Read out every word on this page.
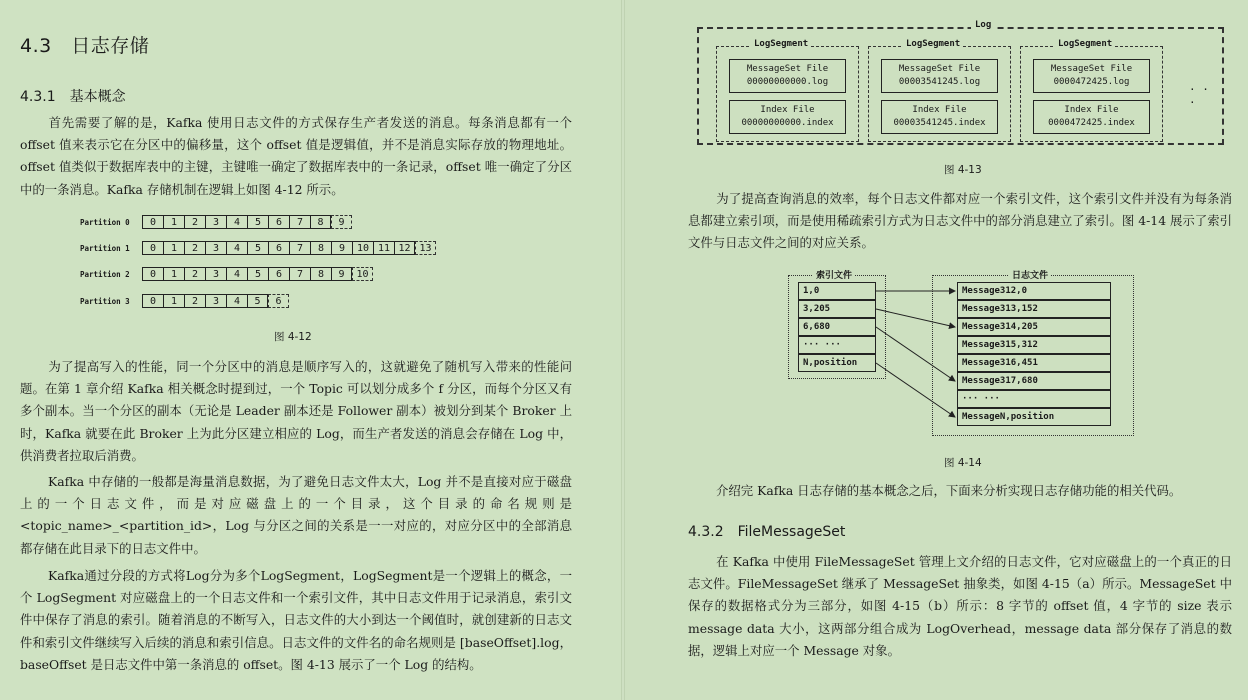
4.3　日志存储
4.3.1　基本概念

首先需要了解的是，Kafka 使用日志文件的方式保存生产者发送的消息。每条消息都有一个 offset 值来表示它在分区中的偏移量，这个 offset 值是逻辑值，并不是消息实际存放的物理地址。offset 值类似于数据库表中的主键，主键唯一确定了数据库表中的一条记录，offset 唯一确定了分区中的一条消息。Kafka 存储机制在逻辑上如图 4-12 所示。

Partition 0	0	1	2	3	4	5	6	7	8	9
Partition 1	0	1	2	3	4	5	6	7	8	9	10 11 12 13
Partition 2	0	1	2	3	4	5	6	7	8	9	10
Partition 3	0	1	2	3	4	5	6
图 4-12

为了提高写入的性能，同一个分区中的消息是顺序写入的，这就避免了随机写入带来的性能问题。在第 1 章介绍 Kafka 相关概念时提到过，一个 Topic 可以划分成多个 f 分区，而每个分区又有多个副本。当一个分区的副本（无论是 Leader 副本还是 Follower 副本）被划分到某个 Broker 上时，Kafka 就要在此 Broker 上为此分区建立相应的 Log，而生产者发送的消息会存储在 Log 中，供消费者拉取后消费。

Kafka 中存储的一般都是海量消息数据，为了避免日志文件太大，Log 并不是直接对应于磁盘上的一个日志文件，而是对应磁盘上的一个目录，这个目录的命名规则是 <topic_name>_<partition_id>，Log 与分区之间的关系是一一对应的，对应分区中的全部消息都存储在此目录下的日志文件中。

Kafka通过分段的方式将Log分为多个LogSegment，LogSegment是一个逻辑上的概念，一个 LogSegment 对应磁盘上的一个日志文件和一个索引文件，其中日志文件用于记录消息，索引文件中保存了消息的索引。随着消息的不断写入，日志文件的大小到达一个阈值时，就创建新的日志文件和索引文件继续写入后续的消息和索引信息。日志文件的文件名的命名规则是 [baseOffset].log，baseOffset 是日志文件中第一条消息的 offset。图 4-13 展示了一个 Log 的结构。

Log
LogSegment
MessageSet File
00000000000.log
Index File
00000000000.index
LogSegment
MessageSet File
00003541245.log
Index File
00003541245.index
LogSegment
MessageSet File
0000472425.log
Index File
0000472425.index
· · ·
图 4-13

为了提高查询消息的效率，每个日志文件都对应一个索引文件，这个索引文件并没有为每条消息都建立索引项，而是使用稀疏索引方式为日志文件中的部分消息建立了索引。图 4-14 展示了索引文件与日志文件之间的对应关系。

索引文件	日志文件
1,0
3,205
6,680
··· ···
N,position
Message312,0
Message313,152
Message314,205
Message315,312
Message316,451
Message317,680
··· ···
MessageN,position
图 4-14

介绍完 Kafka 日志存储的基本概念之后，下面来分析实现日志存储功能的相关代码。

4.3.2　FileMessageSet

在 Kafka 中使用 FileMessageSet 管理上文介绍的日志文件，它对应磁盘上的一个真正的日志文件。FileMessageSet 继承了 MessageSet 抽象类，如图 4-15（a）所示。MessageSet 中保存的数据格式分为三部分，如图 4-15（b）所示：8 字节的 offset 值，4 字节的 size 表示 message data 大小，这两部分组合成为 LogOverhead，message data 部分保存了消息的数据，逻辑上对应一个 Message 对象。
